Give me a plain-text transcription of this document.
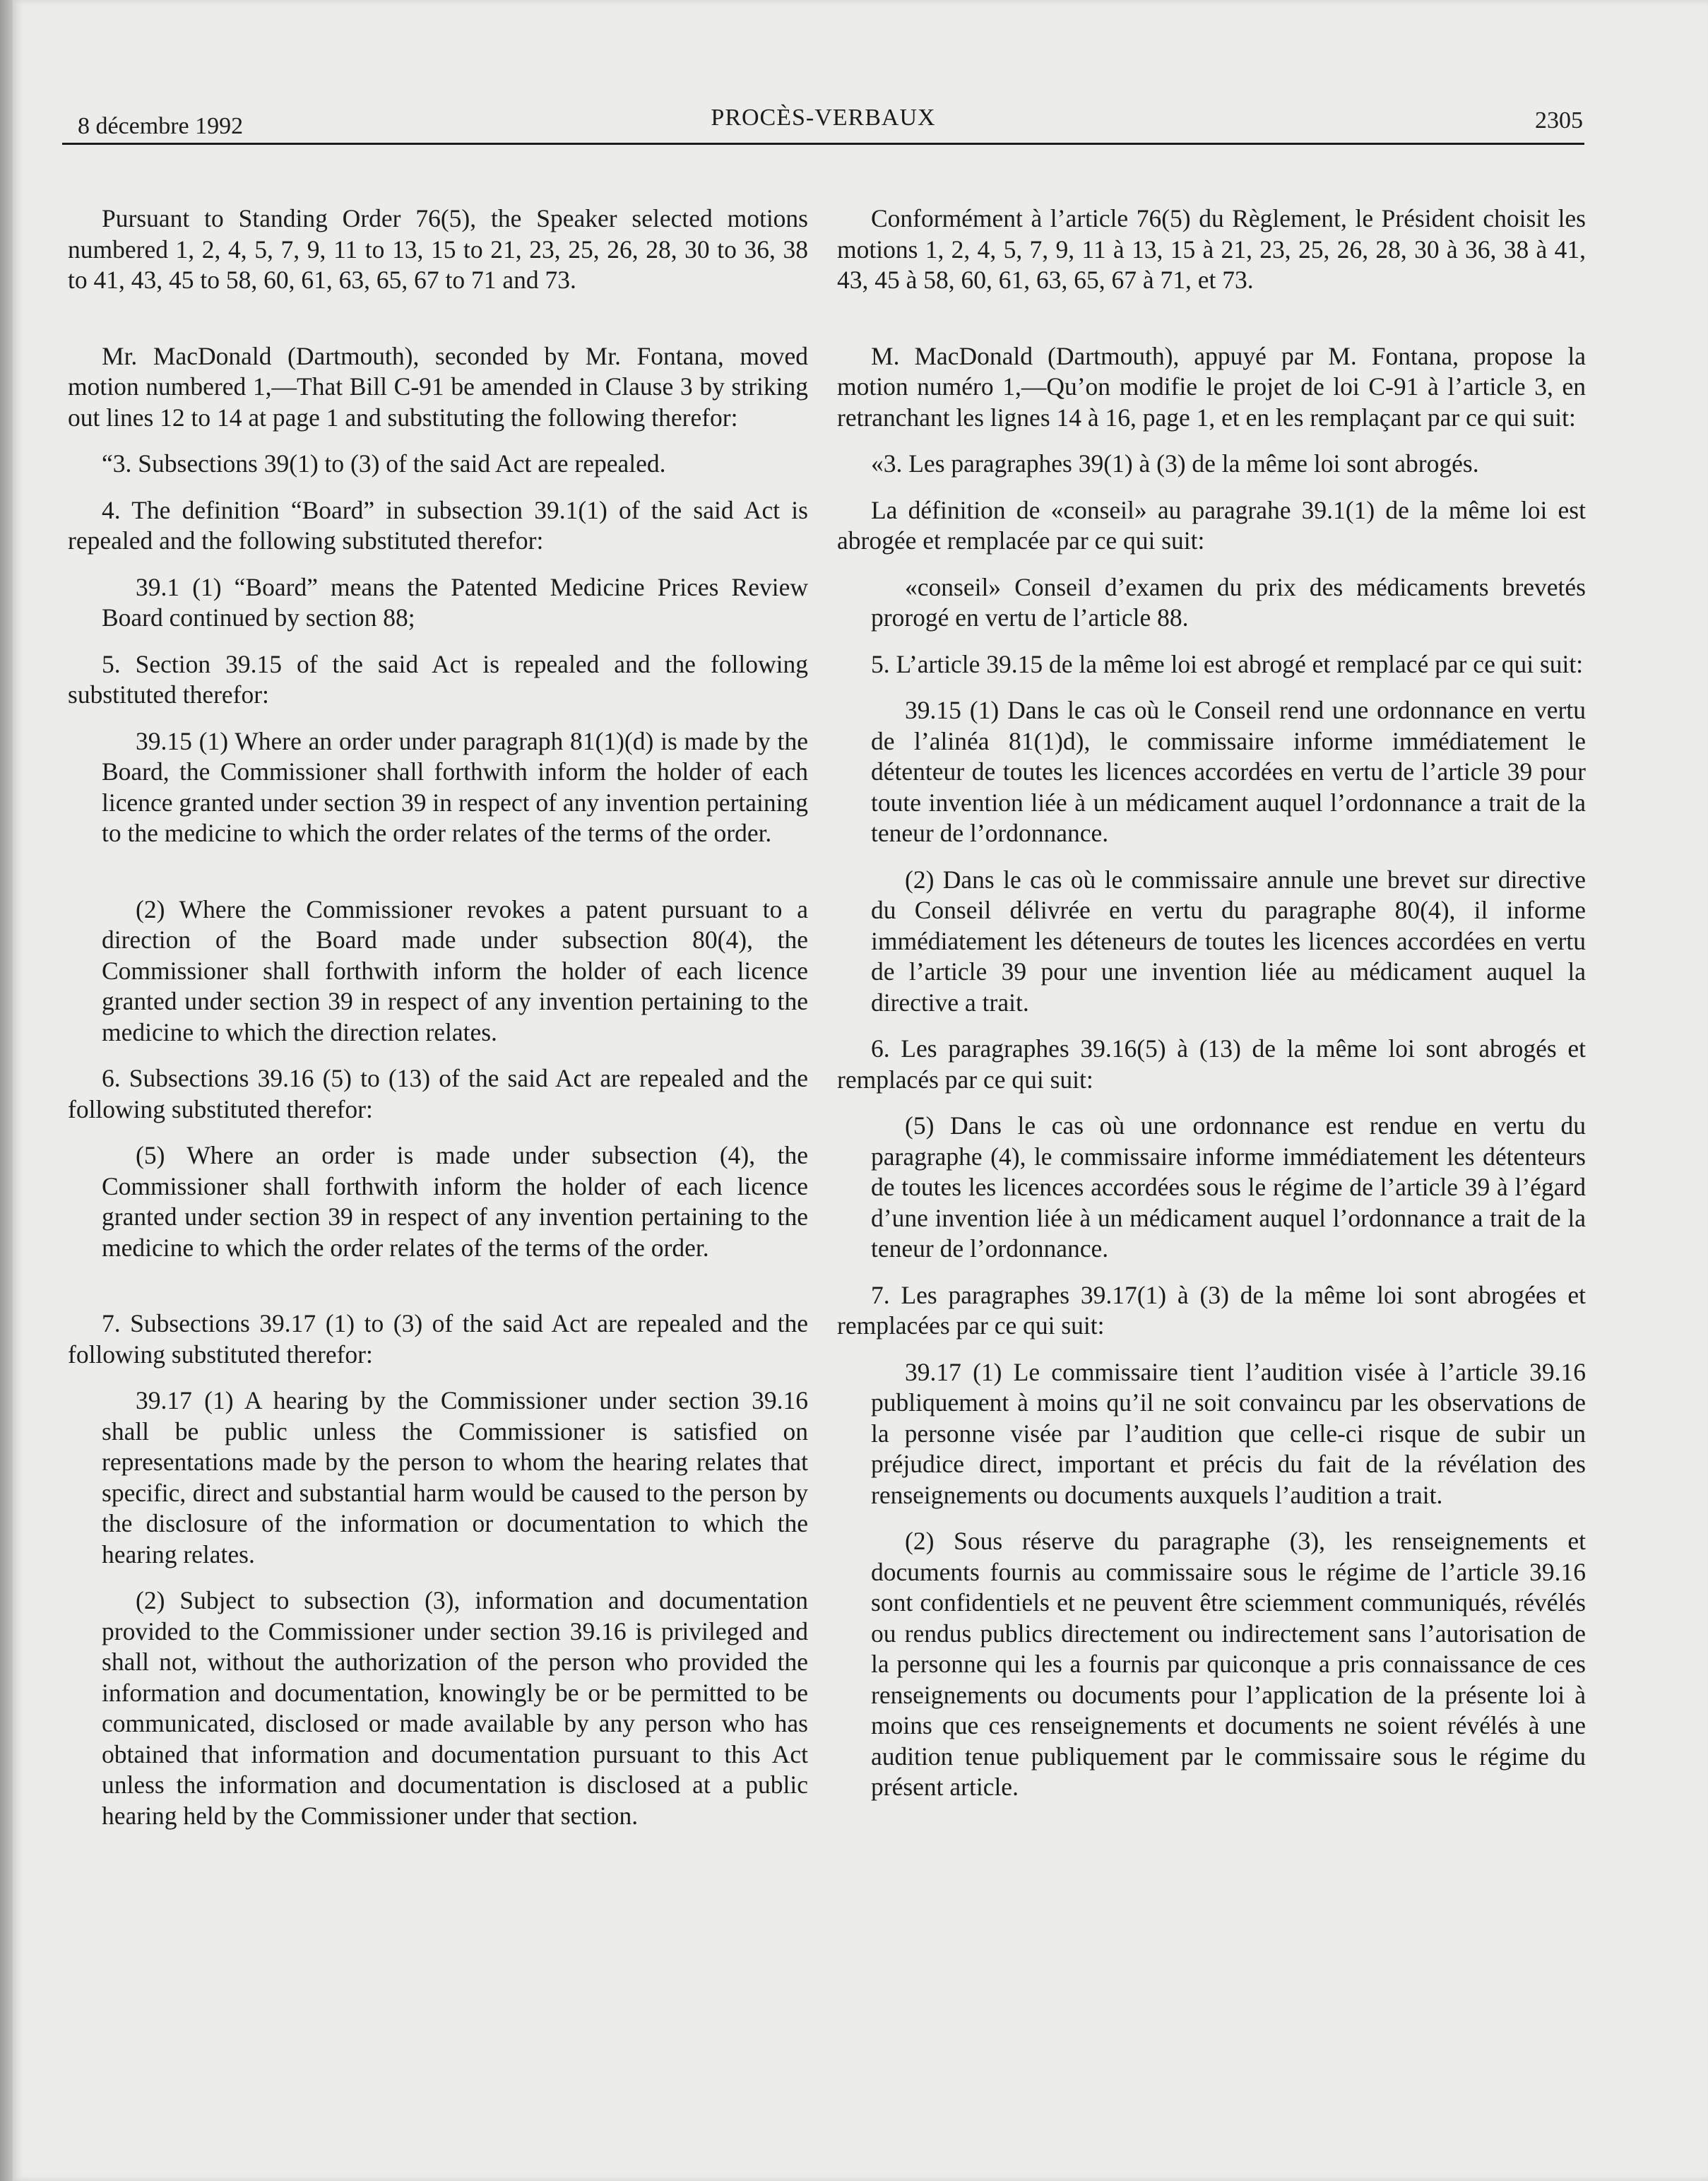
8 décembre 1992	PROCÈS-VERBAUX	2305

Pursuant to Standing Order 76(5), the Speaker selected motions numbered 1, 2, 4, 5, 7, 9, 11 to 13, 15 to 21, 23, 25, 26, 28, 30 to 36, 38 to 41, 43, 45 to 58, 60, 61, 63, 65, 67 to 71 and 73.

Mr. MacDonald (Dartmouth), seconded by Mr. Fontana, moved motion numbered 1,—That Bill C-91 be amended in Clause 3 by striking out lines 12 to 14 at page 1 and substituting the following therefor:

“3. Subsections 39(1) to (3) of the said Act are repealed.

4. The definition “Board” in subsection 39.1(1) of the said Act is repealed and the following substituted therefor:

39.1 (1) “Board” means the Patented Medicine Prices Review Board continued by section 88;

5. Section 39.15 of the said Act is repealed and the following substituted therefor:

39.15 (1) Where an order under paragraph 81(1)(d) is made by the Board, the Commissioner shall forthwith inform the holder of each licence granted under section 39 in respect of any invention pertaining to the medicine to which the order relates of the terms of the order.

(2) Where the Commissioner revokes a patent pursuant to a direction of the Board made under subsection 80(4), the Commissioner shall forthwith inform the holder of each licence granted under section 39 in respect of any invention pertaining to the medicine to which the direction relates.

6. Subsections 39.16 (5) to (13) of the said Act are repealed and the following substituted therefor:

(5) Where an order is made under subsection (4), the Commissioner shall forthwith inform the holder of each licence granted under section 39 in respect of any invention pertaining to the medicine to which the order relates of the terms of the order.

7. Subsections 39.17 (1) to (3) of the said Act are repealed and the following substituted therefor:

39.17 (1) A hearing by the Commissioner under section 39.16 shall be public unless the Commissioner is satisfied on representations made by the person to whom the hearing relates that specific, direct and substantial harm would be caused to the person by the disclosure of the information or documentation to which the hearing relates.

(2) Subject to subsection (3), information and documentation provided to the Commissioner under section 39.16 is privileged and shall not, without the authorization of the person who provided the information and documentation, knowingly be or be permitted to be communicated, disclosed or made available by any person who has obtained that information and documentation pursuant to this Act unless the information and documentation is disclosed at a public hearing held by the Commissioner under that section.

Conformément à l’article 76(5) du Règlement, le Président choisit les motions 1, 2, 4, 5, 7, 9, 11 à 13, 15 à 21, 23, 25, 26, 28, 30 à 36, 38 à 41, 43, 45 à 58, 60, 61, 63, 65, 67 à 71, et 73.

M. MacDonald (Dartmouth), appuyé par M. Fontana, propose la motion numéro 1,—Qu’on modifie le projet de loi C-91 à l’article 3, en retranchant les lignes 14 à 16, page 1, et en les remplaçant par ce qui suit:

«3. Les paragraphes 39(1) à (3) de la même loi sont abrogés.

La définition de «conseil» au paragrahe 39.1(1) de la même loi est abrogée et remplacée par ce qui suit:

«conseil» Conseil d’examen du prix des médicaments brevetés prorogé en vertu de l’article 88.

5. L’article 39.15 de la même loi est abrogé et remplacé par ce qui suit:

39.15 (1) Dans le cas où le Conseil rend une ordonnance en vertu de l’alinéa 81(1)d), le commissaire informe immédiatement le détenteur de toutes les licences accordées en vertu de l’article 39 pour toute invention liée à un médicament auquel l’ordonnance a trait de la teneur de l’ordonnance.

(2) Dans le cas où le commissaire annule une brevet sur directive du Conseil délivrée en vertu du paragraphe 80(4), il informe immédiatement les déteneurs de toutes les licences accordées en vertu de l’article 39 pour une invention liée au médicament auquel la directive a trait.

6. Les paragraphes 39.16(5) à (13) de la même loi sont abrogés et remplacés par ce qui suit:

(5) Dans le cas où une ordonnance est rendue en vertu du paragraphe (4), le commissaire informe immédiatement les détenteurs de toutes les licences accordées sous le régime de l’article 39 à l’égard d’une invention liée à un médicament auquel l’ordonnance a trait de la teneur de l’ordonnance.

7. Les paragraphes 39.17(1) à (3) de la même loi sont abrogées et remplacées par ce qui suit:

39.17 (1) Le commissaire tient l’audition visée à l’article 39.16 publiquement à moins qu’il ne soit convaincu par les observations de la personne visée par l’audition que celle-ci risque de subir un préjudice direct, important et précis du fait de la révélation des renseignements ou documents auxquels l’audition a trait.

(2) Sous réserve du paragraphe (3), les renseignements et documents fournis au commissaire sous le régime de l’article 39.16 sont confidentiels et ne peuvent être sciemment communiqués, révélés ou rendus publics directement ou indirectement sans l’autorisation de la personne qui les a fournis par quiconque a pris connaissance de ces renseignements ou documents pour l’application de la présente loi à moins que ces renseignements et documents ne soient révélés à une audition tenue publiquement par le commissaire sous le régime du présent article.
